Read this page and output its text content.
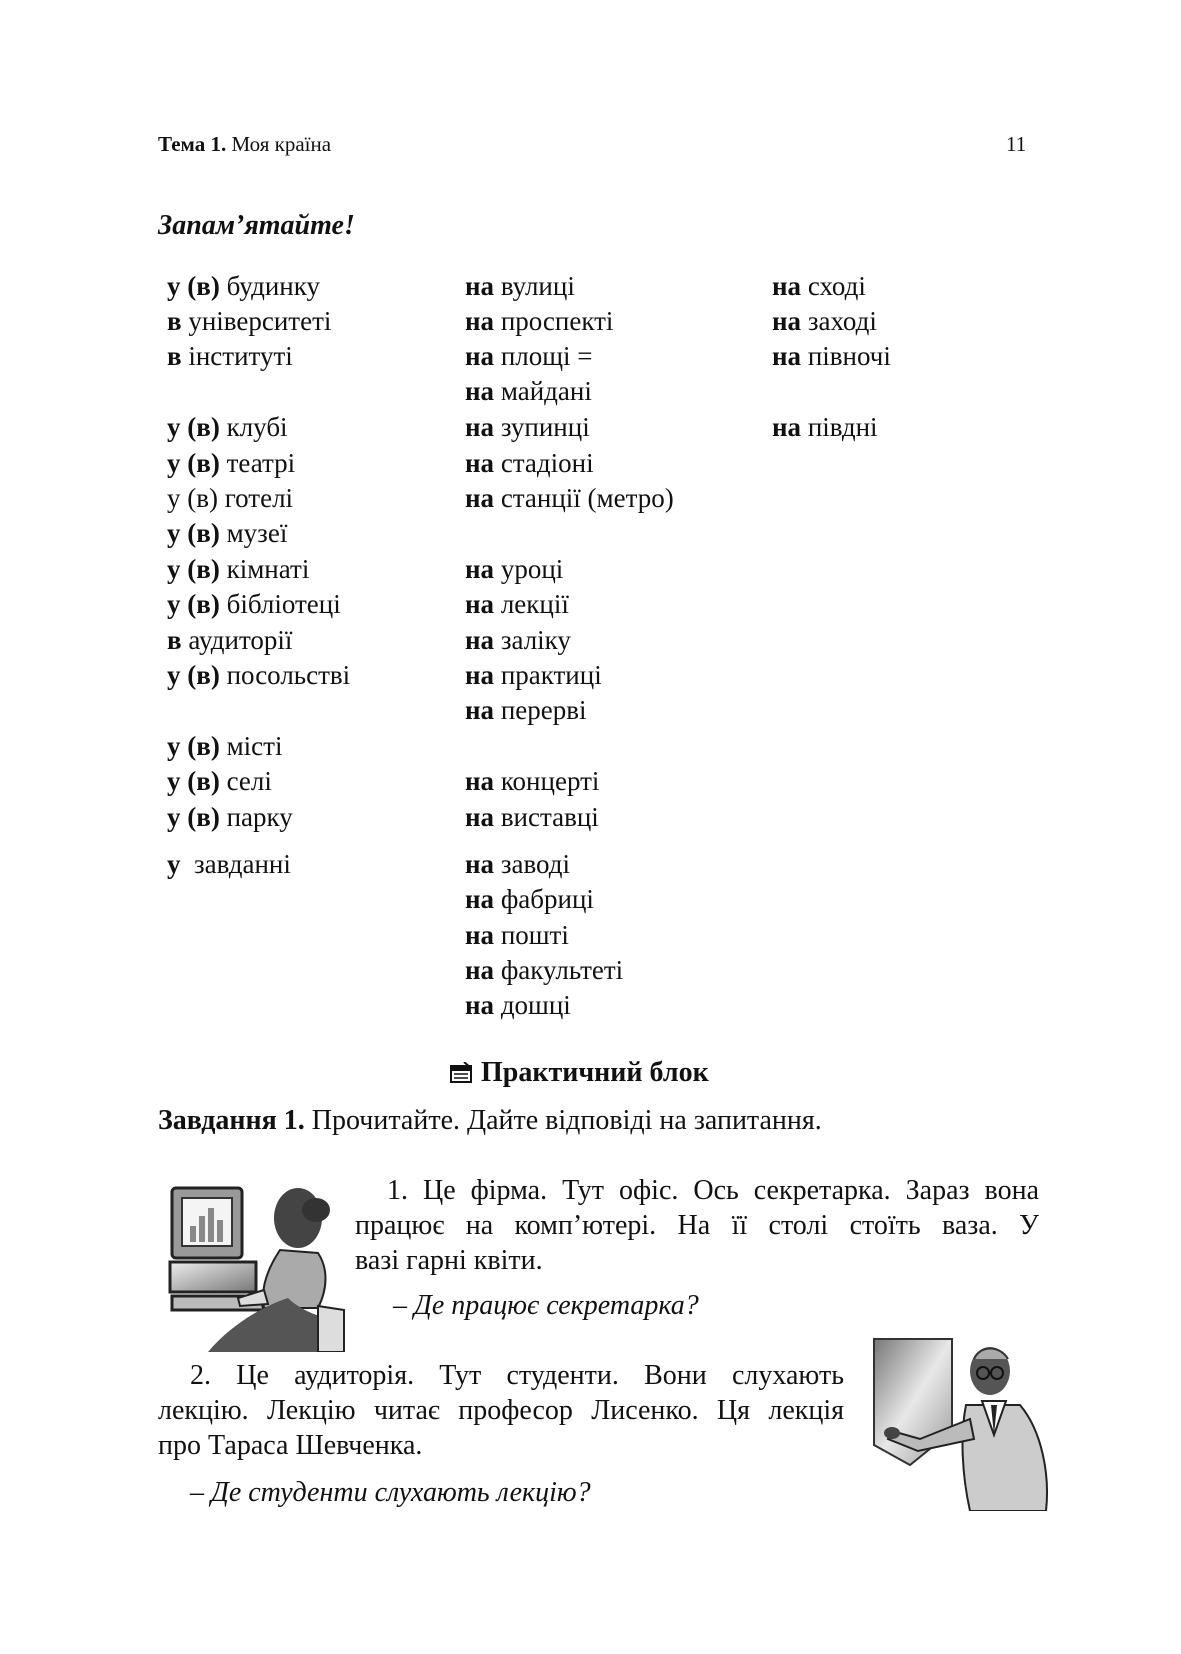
Тема 1. Моя країна	11
Запам’ятайте!
у (в) будинку
в університеті
в інституті
у (в) клубі
у (в) театрі
у (в) готелі
у (в) музеї
у (в) кімнаті
у (в) бібліотеці
в аудиторії
у (в) посольстві
у (в) місті
у (в) селі
у (в) парку
у  завданні
на вулиці
на проспекті
на площі =
на майдані
на зупинці
на стадіоні
на станції (метро)
на уроці
на лекції
на заліку
на практиці
на перерві
на концерті
на виставці
на заводі
на фабриці
на пошті
на факультеті
на дошці
на сході
на заході
на півночі
на півдні
Практичний блок
Завдання 1. Прочитайте. Дайте відповіді на запитання.
1. Це фірма. Тут офіс. Ось секретарка. Зараз вона
працює на комп’ютері. На її столі стоїть ваза. У
вазі гарні квіти.
– Де працює секретарка?
2. Це аудиторія. Тут студенти. Вони слухають
лекцію. Лекцію читає професор Лисенко. Ця лекція
про Тараса Шевченка.
– Де студенти слухають лекцію?
